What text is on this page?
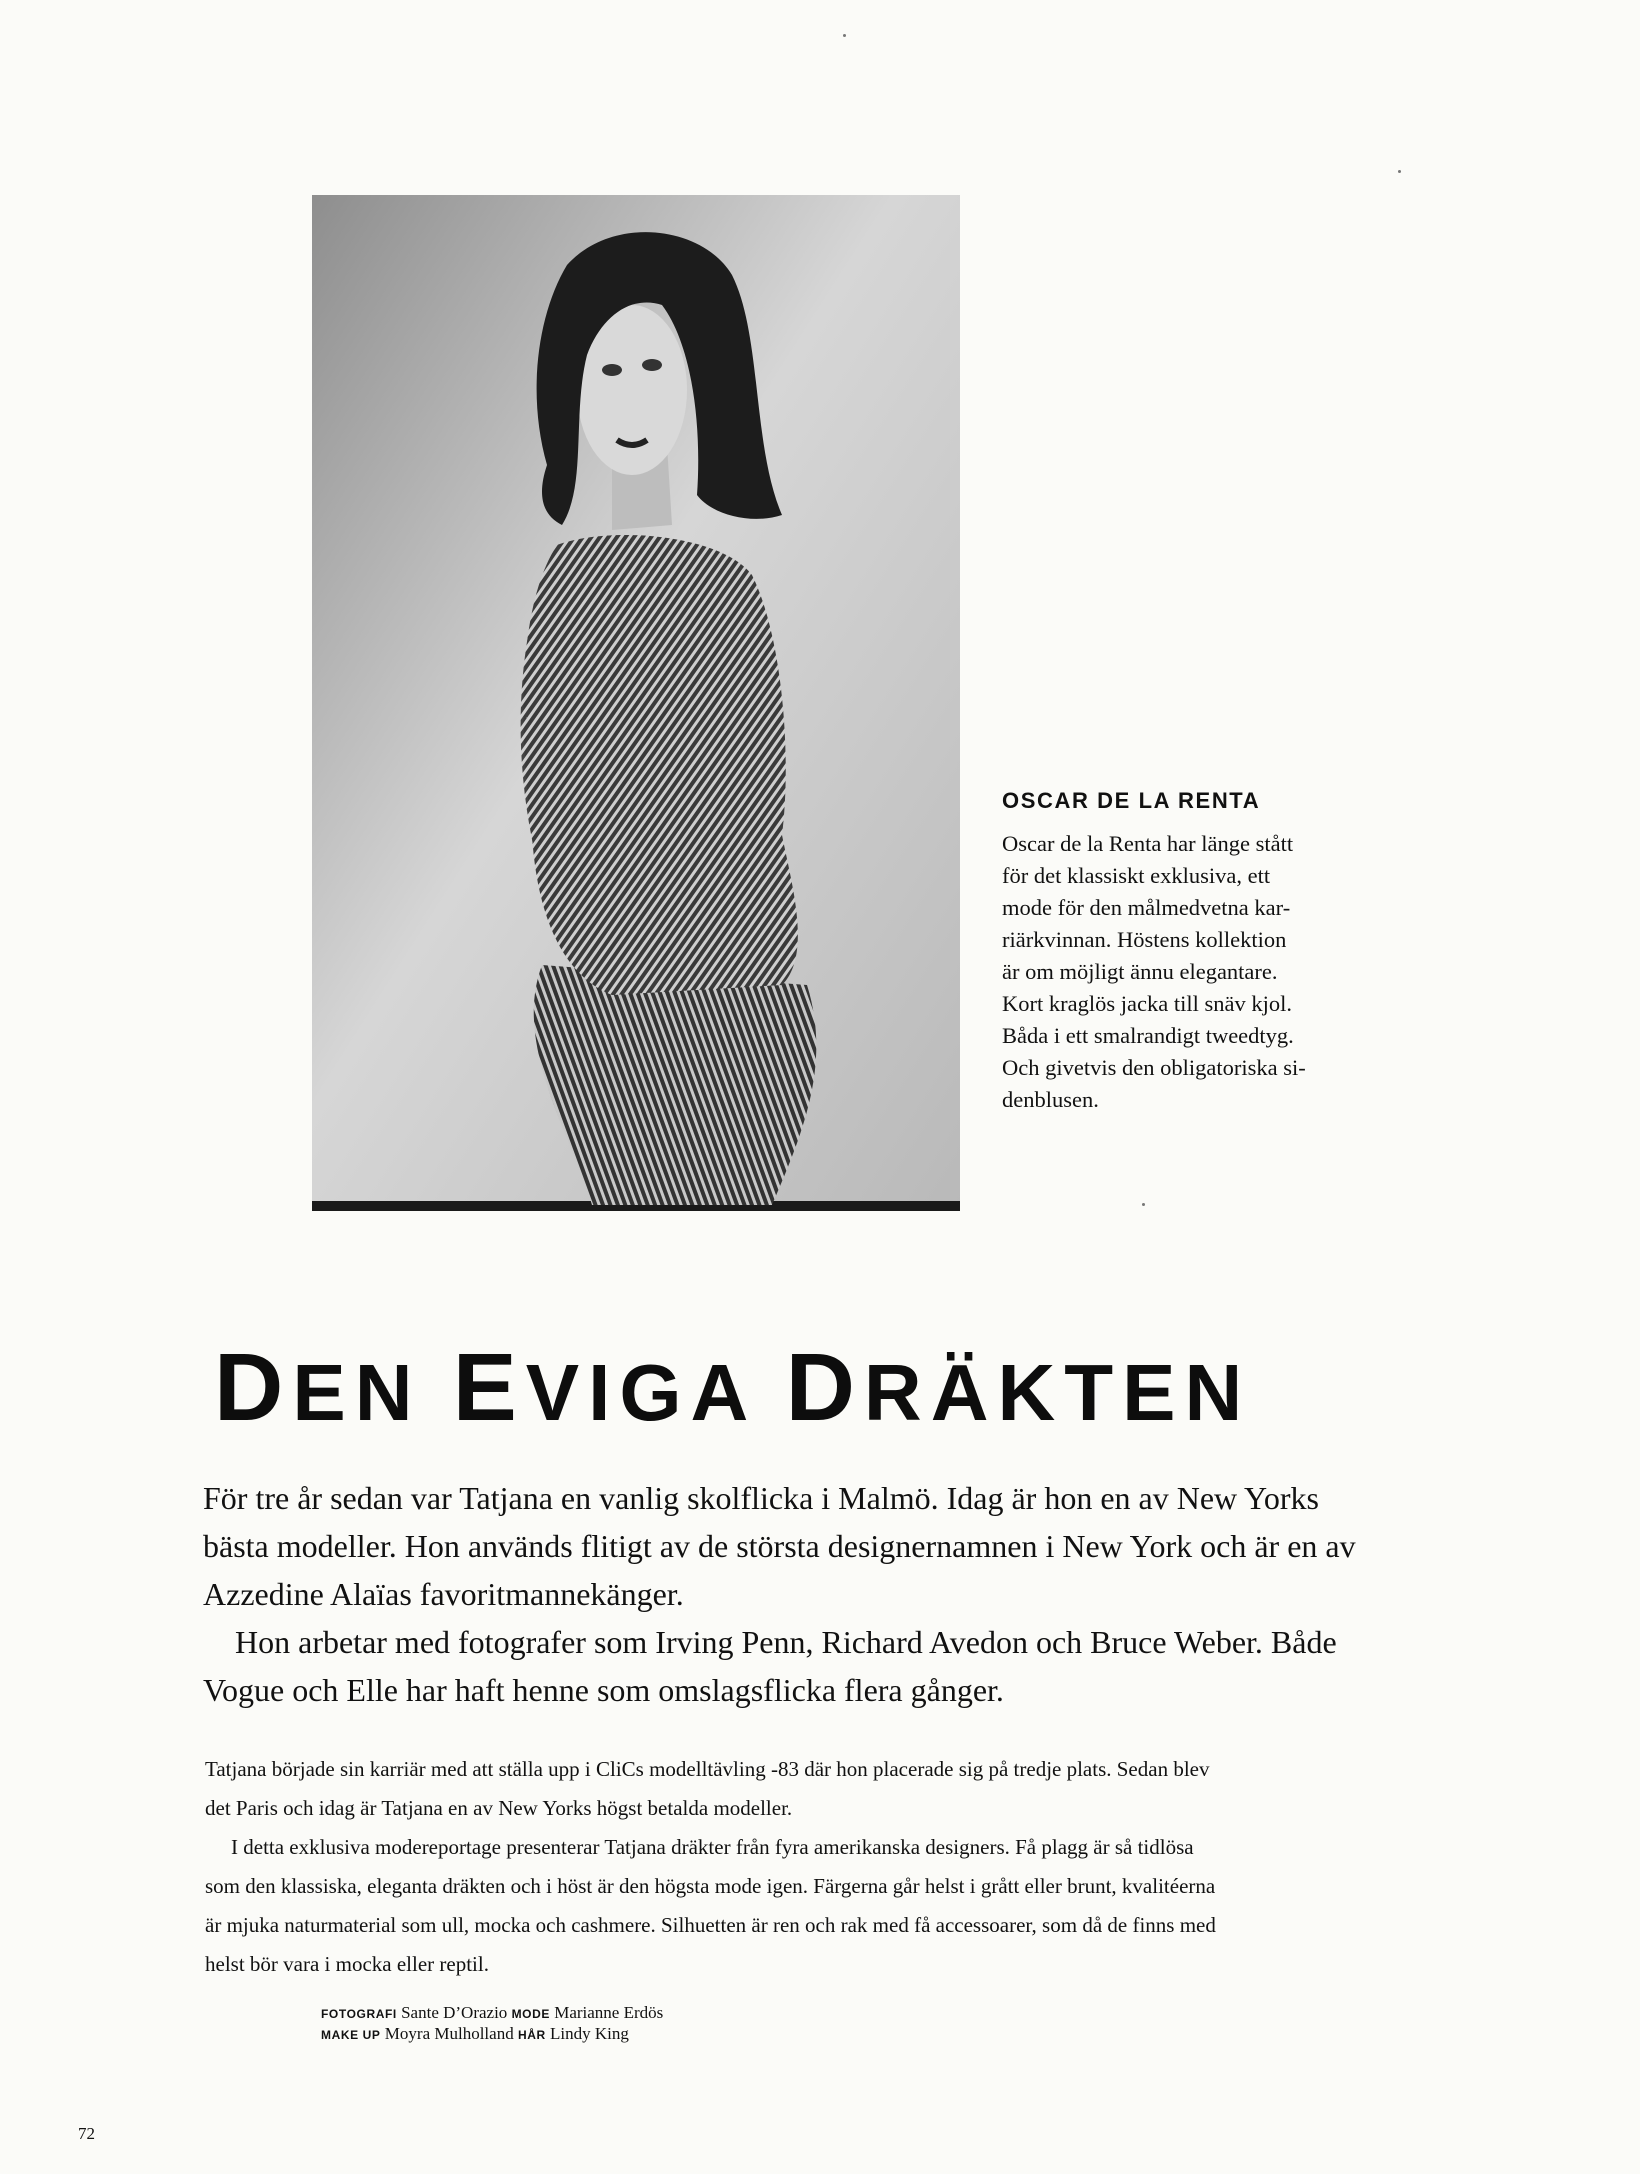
OSCAR DE LA RENTA

Oscar de la Renta har länge stått
för det klassiskt exklusiva, ett
mode för den målmedvetna kar-
riärkvinnan. Höstens kollektion
är om möjligt ännu elegantare.
Kort kraglös jacka till snäv kjol.
Båda i ett smalrandigt tweedtyg.
Och givetvis den obligatoriska si-
denblusen.

DEN EVIGA DRÄKTEN

För tre år sedan var Tatjana en vanlig skolflicka i Malmö. Idag är hon en av New Yorks
bästa modeller. Hon används flitigt av de största designernamnen i New York och är en av
Azzedine Alaïas favoritmannekänger.

Hon arbetar med fotografer som Irving Penn, Richard Avedon och Bruce Weber. Både
Vogue och Elle har haft henne som omslagsflicka flera gånger.

Tatjana började sin karriär med att ställa upp i CliCs modelltävling -83 där hon placerade sig på tredje plats. Sedan blev
det Paris och idag är Tatjana en av New Yorks högst betalda modeller.

I detta exklusiva modereportage presenterar Tatjana dräkter från fyra amerikanska designers. Få plagg är så tidlösa
som den klassiska, eleganta dräkten och i höst är den högsta mode igen. Färgerna går helst i grått eller brunt, kvalitéerna
är mjuka naturmaterial som ull, mocka och cashmere. Silhuetten är ren och rak med få accessoarer, som då de finns med
helst bör vara i mocka eller reptil.

FOTOGRAFI Sante D’Orazio MODE Marianne Erdös
MAKE UP Moyra Mulholland HÅR Lindy King
72
